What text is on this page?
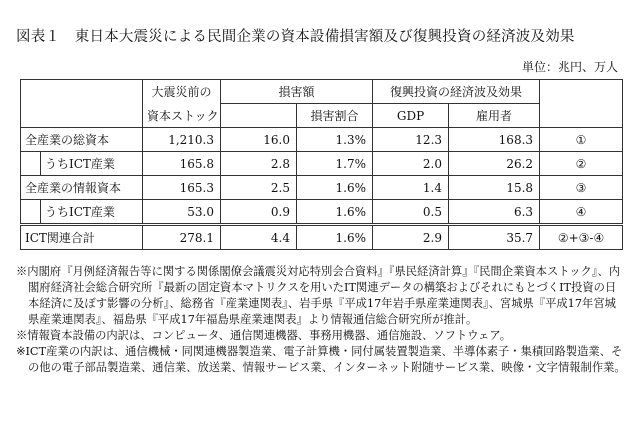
図表１　東日本大震災による民間企業の資本設備損害額及び復興投資の経済波及効果
単位：兆円、万人
		大震災前の	損害額		復興投資の経済波及効果		
		資本ストック		損害割合	GDP	雇用者	
全産業の総資本		1,210.3	16.0	1.3%	12.3	168.3	①
	うちICT産業	165.8	2.8	1.7%	2.0	26.2	②
全産業の情報資本		165.3	2.5	1.6%	1.4	15.8	③
	うちICT産業	53.0	0.9	1.6%	0.5	6.3	④
ICT関連合計		278.1	4.4	1.6%	2.9	35.7	②+③-④

※内閣府『月例経済報告等に関する関係閣僚会議震災対応特別会合資料』『県民経済計算』『民間企業資本ストック』、内閣府経済社会総合研究所『最新の固定資本マトリクスを用いたIT関連データの構築およびそれにもとづくIT投資の日本経済に及ぼす影響の分析』、総務省『産業連関表』、岩手県『平成17年岩手県産業連関表』、宮城県『平成17年宮城県産業連関表』、福島県『平成17年福島県産業連関表』より情報通信総合研究所が推計。

※情報資本設備の内訳は、コンピュータ、通信関連機器、事務用機器、通信施設、ソフトウェア。

※ICT産業の内訳は、通信機械・同関連機器製造業、電子計算機・同付属装置製造業、半導体素子・集積回路製造業、その他の電子部品製造業、通信業、放送業、情報サービス業、インターネット附随サービス業、映像・文字情報制作業。
